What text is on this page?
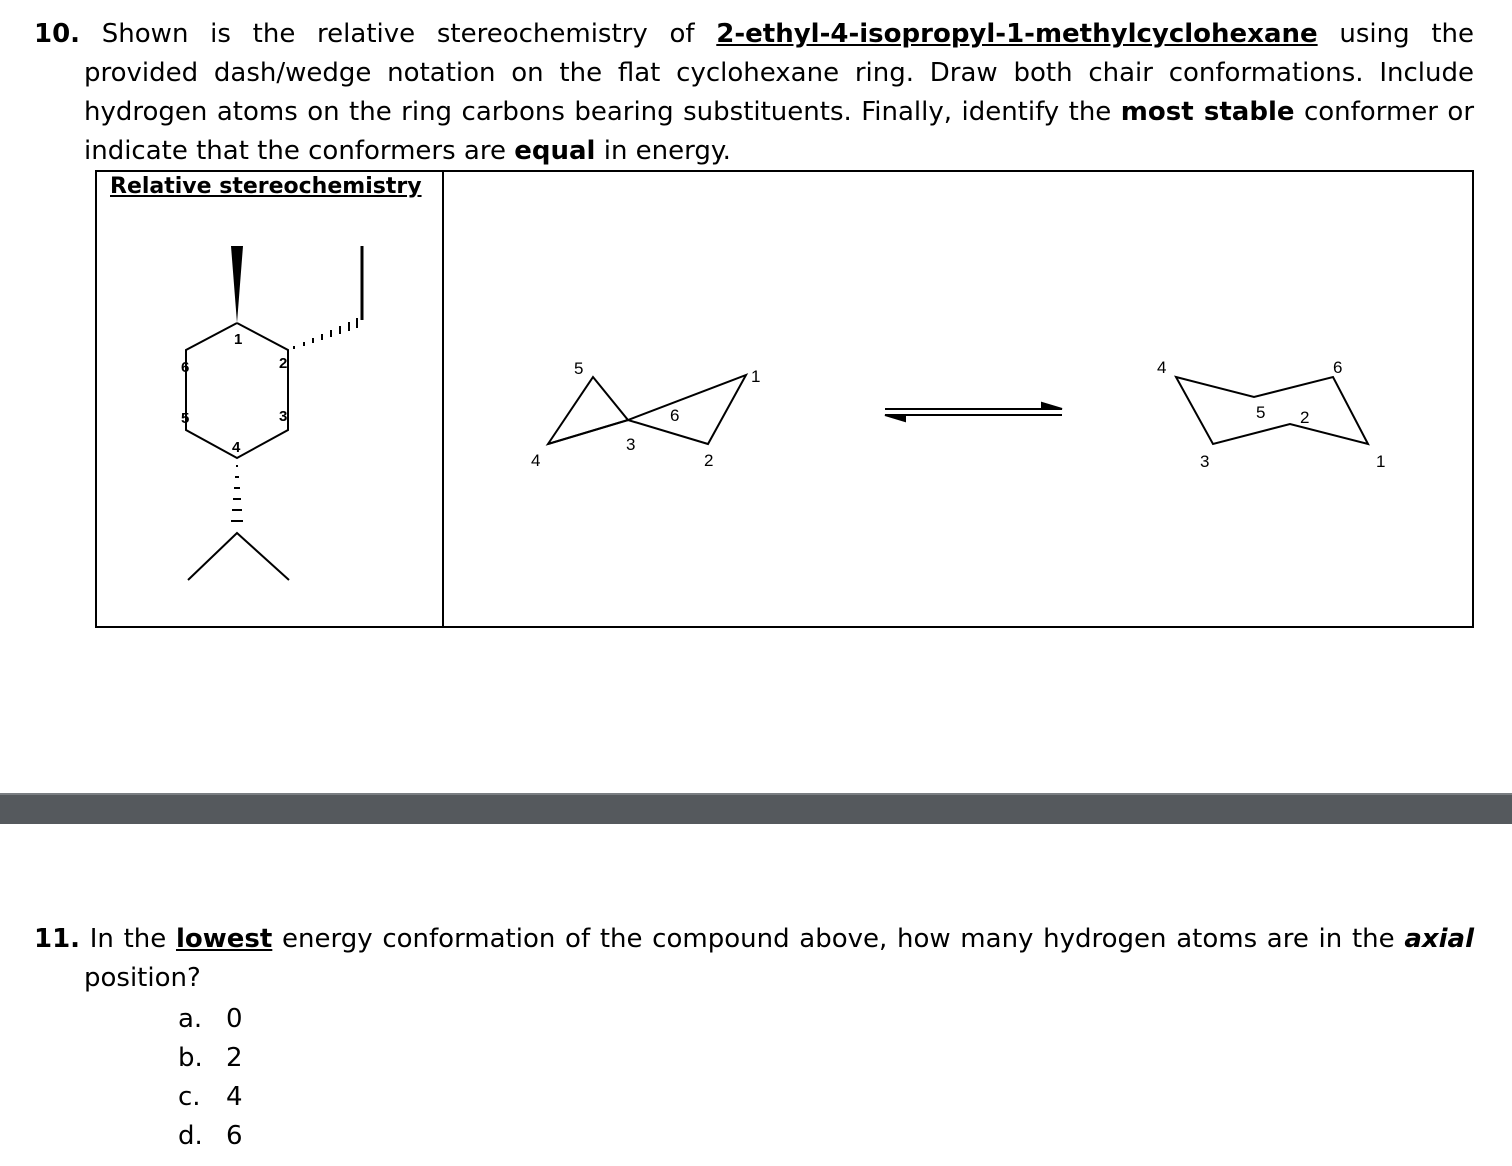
10. Shown is the relative stereochemistry of 2-ethyl-4-isopropyl-1-methylcyclohexane using the provided dash/wedge notation on the flat cyclohexane ring. Draw both chair conformations. Include hydrogen atoms on the ring carbons bearing substituents. Finally, identify the most stable conformer or indicate that the conformers are equal in energy.
1
2
3
4
5
6	5	1
6
3
4	2
4	6
5 2
3	1
Relative stereochemistry
11. In the lowest energy conformation of the compound above, how many hydrogen atoms are in the axial position?
a. 0
b. 2
c. 4
d. 6
